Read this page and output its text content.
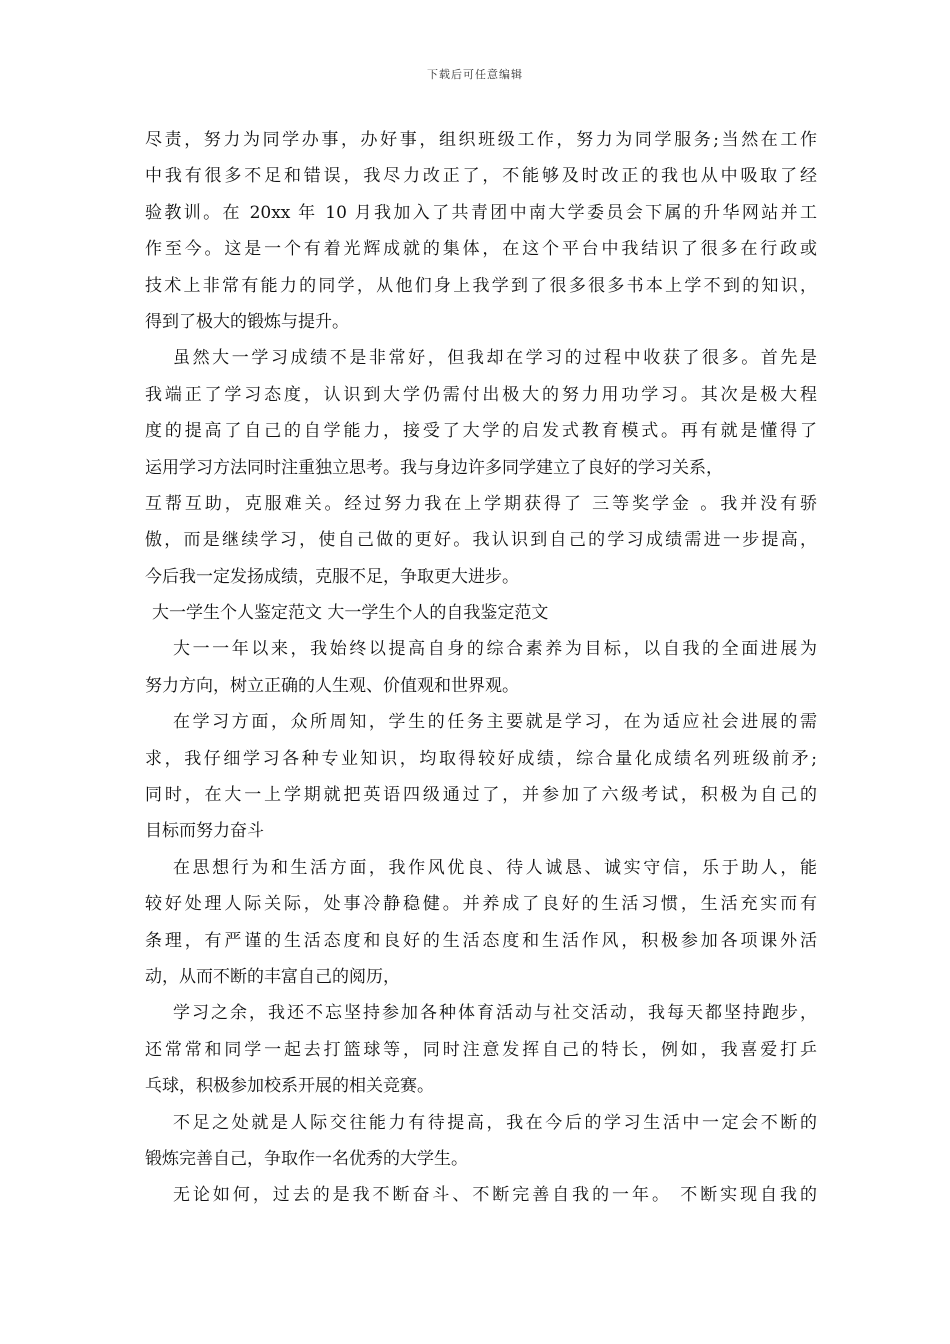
下载后可任意编辑
尽责，努力为同学办事，办好事，组织班级工作，努力为同学服务;当然在工作
中我有很多不足和错误，我尽力改正了，不能够及时改正的我也从中吸取了经
验教训。在 20xx 年 10 月我加入了共青团中南大学委员会下属的升华网站并工
作至今。这是一个有着光辉成就的集体，在这个平台中我结识了很多在行政或
技术上非常有能力的同学，从他们身上我学到了很多很多书本上学不到的知识，
得到了极大的锻炼与提升。
虽然大一学习成绩不是非常好，但我却在学习的过程中收获了很多。首先是
我端正了学习态度，认识到大学仍需付出极大的努力用功学习。其次是极大程
度的提高了自己的自学能力，接受了大学的启发式教育模式。再有就是懂得了
运用学习方法同时注重独立思考。我与身边许多同学建立了良好的学习关系，
互帮互助，克服难关。经过努力我在上学期获得了 三等奖学金 。我并没有骄
傲，而是继续学习，使自己做的更好。我认识到自己的学习成绩需进一步提高，
今后我一定发扬成绩，克服不足，争取更大进步。
大一学生个人鉴定范文 大一学生个人的自我鉴定范文
大一一年以来，我始终以提高自身的综合素养为目标，以自我的全面进展为
努力方向，树立正确的人生观、价值观和世界观。
在学习方面，众所周知，学生的任务主要就是学习，在为适应社会进展的需
求，我仔细学习各种专业知识，均取得较好成绩，综合量化成绩名列班级前矛;
同时，在大一上学期就把英语四级通过了，并参加了六级考试，积极为自己的
目标而努力奋斗
在思想行为和生活方面，我作风优良、待人诚恳、诚实守信，乐于助人，能
较好处理人际关际，处事冷静稳健。并养成了良好的生活习惯，生活充实而有
条理，有严谨的生活态度和良好的生活态度和生活作风，积极参加各项课外活
动，从而不断的丰富自己的阅历，
学习之余，我还不忘坚持参加各种体育活动与社交活动，我每天都坚持跑步，
还常常和同学一起去打篮球等，同时注意发挥自己的特长，例如，我喜爱打乒
乓球，积极参加校系开展的相关竞赛。
不足之处就是人际交往能力有待提高，我在今后的学习生活中一定会不断的
锻炼完善自己，争取作一名优秀的大学生。
无论如何，过去的是我不断奋斗、不断完善自我的一年。 不断实现自我的
